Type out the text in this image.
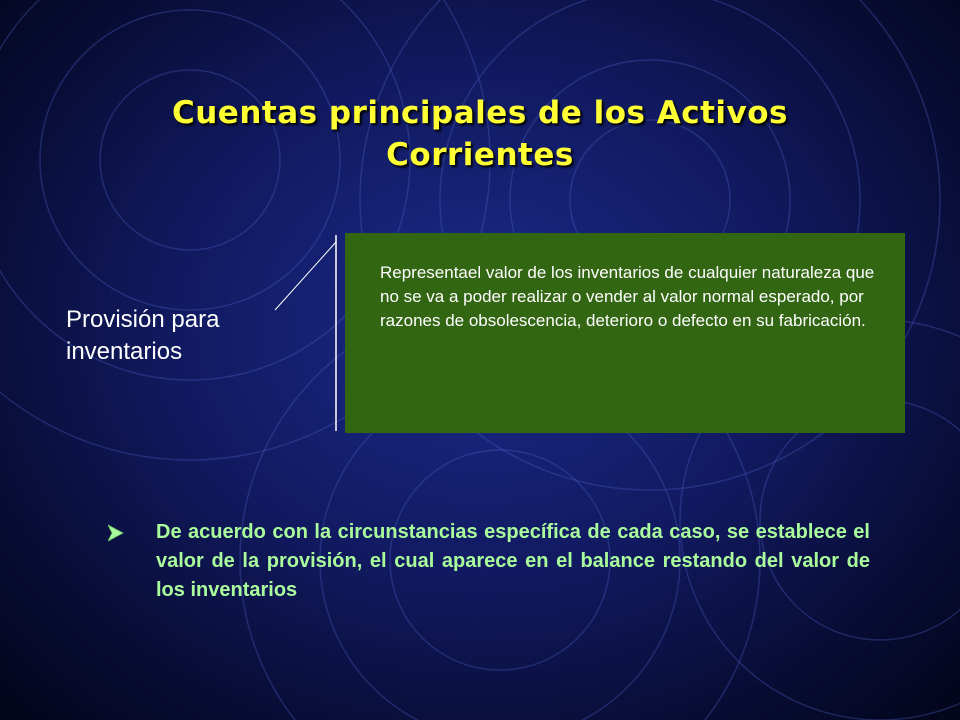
Cuentas principales de los Activos Corrientes
Provisión para inventarios

Representael valor de los inventarios de cualquier naturaleza que no se va a poder realizar o vender al valor normal esperado, por razones de obsolescencia, deterioro o defecto en su fabricación.

De acuerdo con la circunstancias específica de cada caso, se establece el valor de la provisión, el cual aparece en el balance restando del valor de los inventarios
